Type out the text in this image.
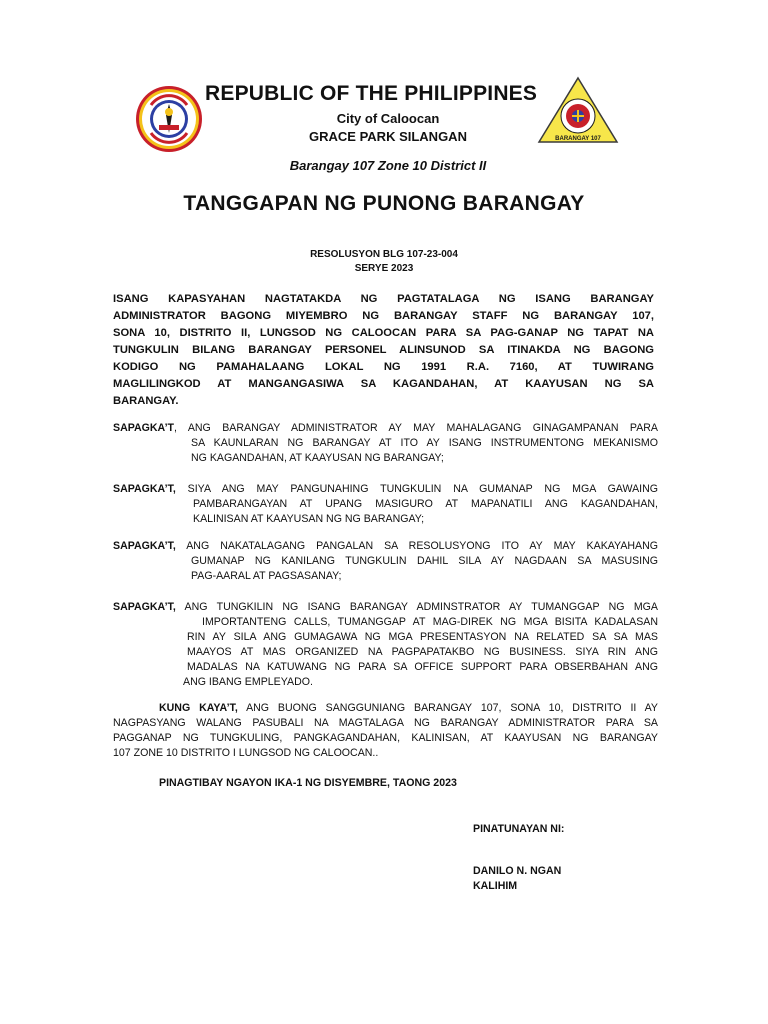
BARANGAY 107
REPUBLIC OF THE PHILIPPINES
City of Caloocan
GRACE PARK SILANGAN
Barangay 107 Zone 10 District II
TANGGAPAN NG PUNONG BARANGAY
RESOLUSYON BLG 107-23-004
SERYE 2023
ISANG KAPASYAHAN NAGTATAKDA NG PAGTATALAGA NG ISANG BARANGAY
ADMINISTRATOR BAGONG MIYEMBRO NG BARANGAY STAFF NG BARANGAY 107,
SONA 10, DISTRITO II, LUNGSOD NG CALOOCAN PARA SA PAG-GANAP NG TAPAT NA
TUNGKULIN BILANG BARANGAY PERSONEL ALINSUNOD SA ITINAKDA NG BAGONG
KODIGO NG PAMAHALAANG LOKAL NG 1991 R.A. 7160, AT TUWIRANG
MAGLILINGKOD AT MANGANGASIWA SA KAGANDAHAN, AT KAAYUSAN NG SA
BARANGAY.
SAPAGKA’T, ANG BARANGAY ADMINISTRATOR AY MAY MAHALAGANG GINAGAMPANAN PARA
SA KAUNLARAN NG BARANGAY AT ITO AY ISANG INSTRUMENTONG MEKANISMO
NG KAGANDAHAN, AT KAAYUSAN NG BARANGAY;
SAPAGKA’T, SIYA ANG MAY PANGUNAHING TUNGKULIN NA GUMANAP NG MGA GAWAING
PAMBARANGAYAN AT UPANG MASIGURO AT MAPANATILI ANG KAGANDAHAN,
KALINISAN AT KAAYUSAN NG NG BARANGAY;
SAPAGKA’T, ANG NAKATALAGANG PANGALAN SA RESOLUSYONG ITO AY MAY KAKAYAHANG
GUMANAP NG KANILANG TUNGKULIN DAHIL SILA AY NAGDAAN SA MASUSING
PAG-AARAL AT PAGSASANAY;
SAPAGKA’T, ANG TUNGKILIN NG ISANG BARANGAY ADMINSTRATOR AY TUMANGGAP NG MGA
IMPORTANTENG CALLS, TUMANGGAP AT MAG-DIREK NG MGA BISITA KADALASAN
RIN AY SILA ANG GUMAGAWA NG MGA PRESENTASYON NA RELATED SA SA MAS
MAAYOS AT MAS ORGANIZED NA PAGPAPATAKBO NG BUSINESS. SIYA RIN ANG
MADALAS NA KATUWANG NG PARA SA OFFICE SUPPORT PARA OBSERBAHAN ANG
ANG IBANG EMPLEYADO.
KUNG KAYA’T, ANG BUONG SANGGUNIANG BARANGAY 107, SONA 10, DISTRITO II AY
NAGPASYANG WALANG PASUBALI NA MAGTALAGA NG BARANGAY ADMINISTRATOR PARA SA
PAGGANAP NG TUNGKULING, PANGKAGANDAHAN, KALINISAN, AT KAAYUSAN NG BARANGAY
107 ZONE 10 DISTRITO I LUNGSOD NG CALOOCAN..
PINAGTIBAY NGAYON IKA-1 NG DISYEMBRE, TAONG 2023
PINATUNAYAN NI:
DANILO N. NGAN
KALIHIM
